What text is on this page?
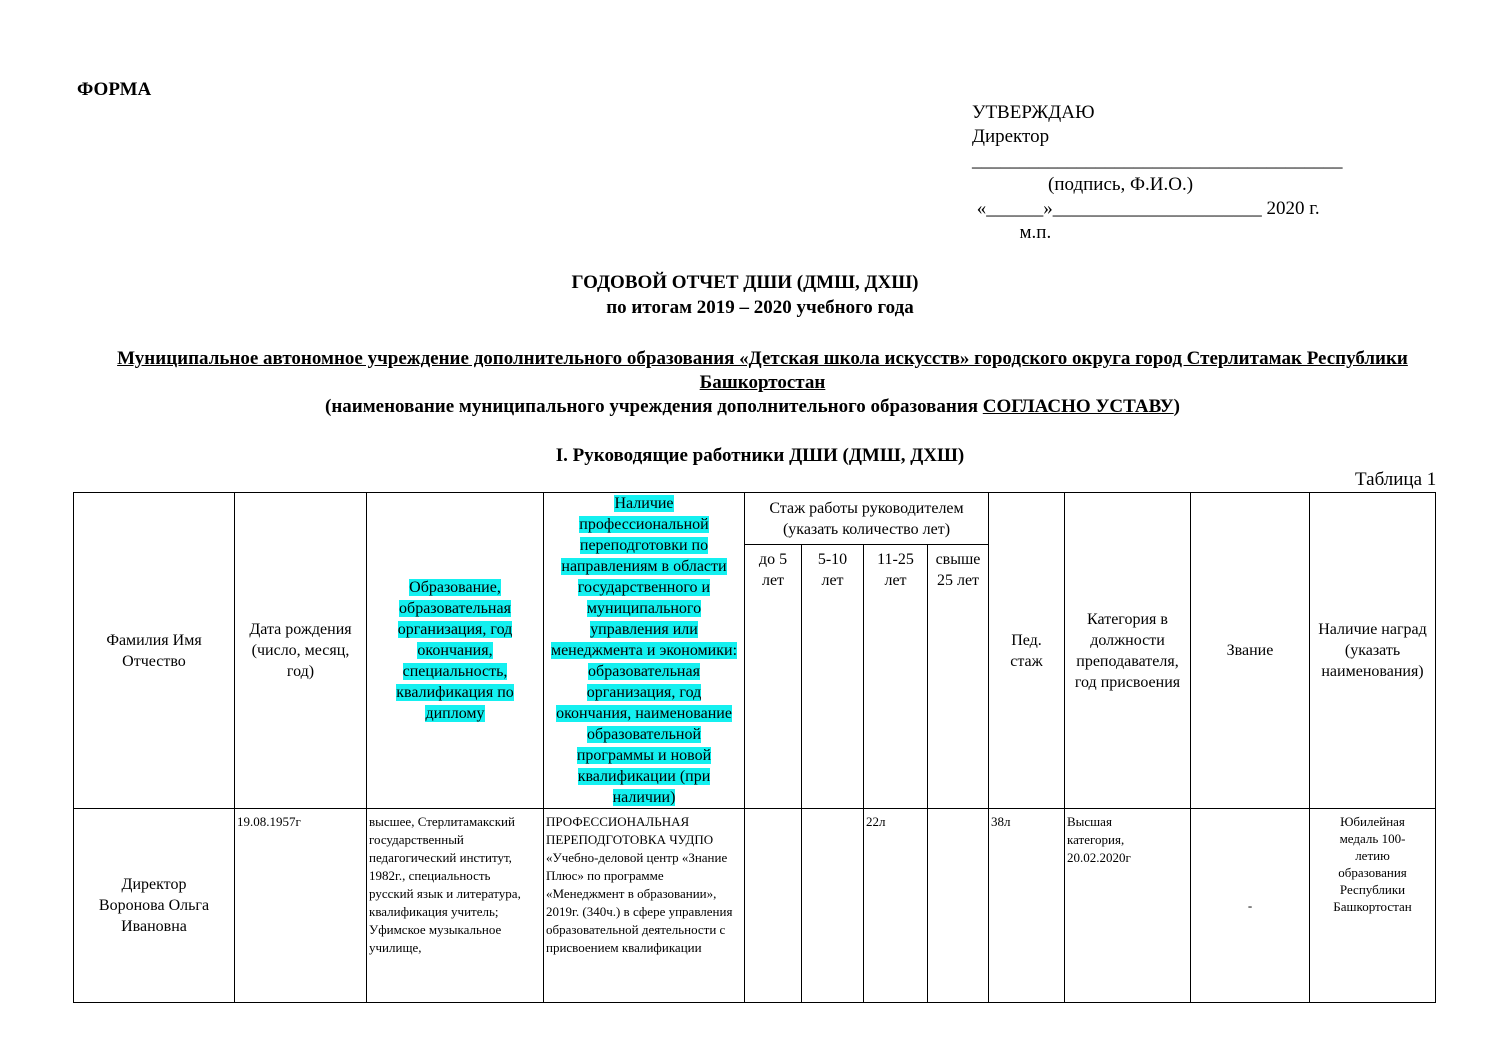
ФОРМА
УТВЕРЖДАЮ
Директор
_______________________________________
(подпись, Ф.И.О.)
«______»______________________ 2020 г.
м.п.
ГОДОВОЙ ОТЧЕТ ДШИ (ДМШ, ДХШ)
по итогам 2019 – 2020 учебного года
Муниципальное автономное учреждение дополнительного образования «Детская школа искусств» городского округа город Стерлитамак Республики Башкортостан
(наименование муниципального учреждения дополнительного образования СОГЛАСНО УСТАВУ)
I. Руководящие работники ДШИ (ДМШ, ДХШ)
Таблица 1
Фамилия Имя Отчество	Дата рождения (число, месяц, год)	Образование, образовательная организация, год окончания, специальность, квалификация по диплому	Наличие профессиональной переподготовки по направлениям в области государственного и муниципального управления или менеджмента и экономики: образовательная организация, год окончания, наименование образовательной программы и новой квалификации (при наличии)	Стаж работы руководителем (указать количество лет)				Пед. стаж	Категория в должности преподавателя, год присвоения	Звание	Наличие наград (указать наименования)
				до 5 лет	5-10 лет	11-25 лет	свыше 25 лет				
Директор Воронова Ольга Ивановна	19.08.1957г	высшее, Стерлитамакский государственный педагогический институт, 1982г., специальность русский язык и литература, квалификация учитель; Уфимское музыкальное училище,	ПРОФЕССИОНАЛЬНАЯ ПЕРЕПОДГОТОВКА ЧУДПО «Учебно-деловой центр «Знание Плюс» по программе «Менеджмент в образовании», 2019г. (340ч.) в сфере управления образовательной деятельности с присвоением квалификации			22л		38л	Высшая категория, 20.02.2020г	-	Юбилейная медаль 100-летию образования Республики Башкортостан
